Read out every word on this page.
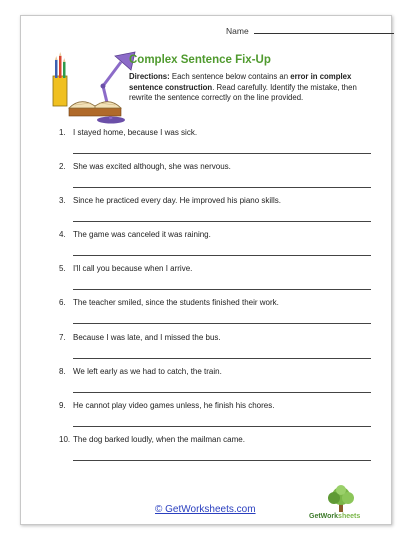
Name
Complex Sentence Fix-Up
Directions: Each sentence below contains an error in complex sentence construction. Read carefully. Identify the mistake, then rewrite the sentence correctly on the line provided.
1. I stayed home, because I was sick.
2. She was excited although, she was nervous.
3. Since he practiced every day. He improved his piano skills.
4. The game was canceled it was raining.
5. I'll call you because when I arrive.
6. The teacher smiled, since the students finished their work.
7. Because I was late, and I missed the bus.
8. We left early as we had to catch, the train.
9. He cannot play video games unless, he finish his chores.
10. The dog barked loudly, when the mailman came.
© GetWorksheets.com
GetWorksheets
